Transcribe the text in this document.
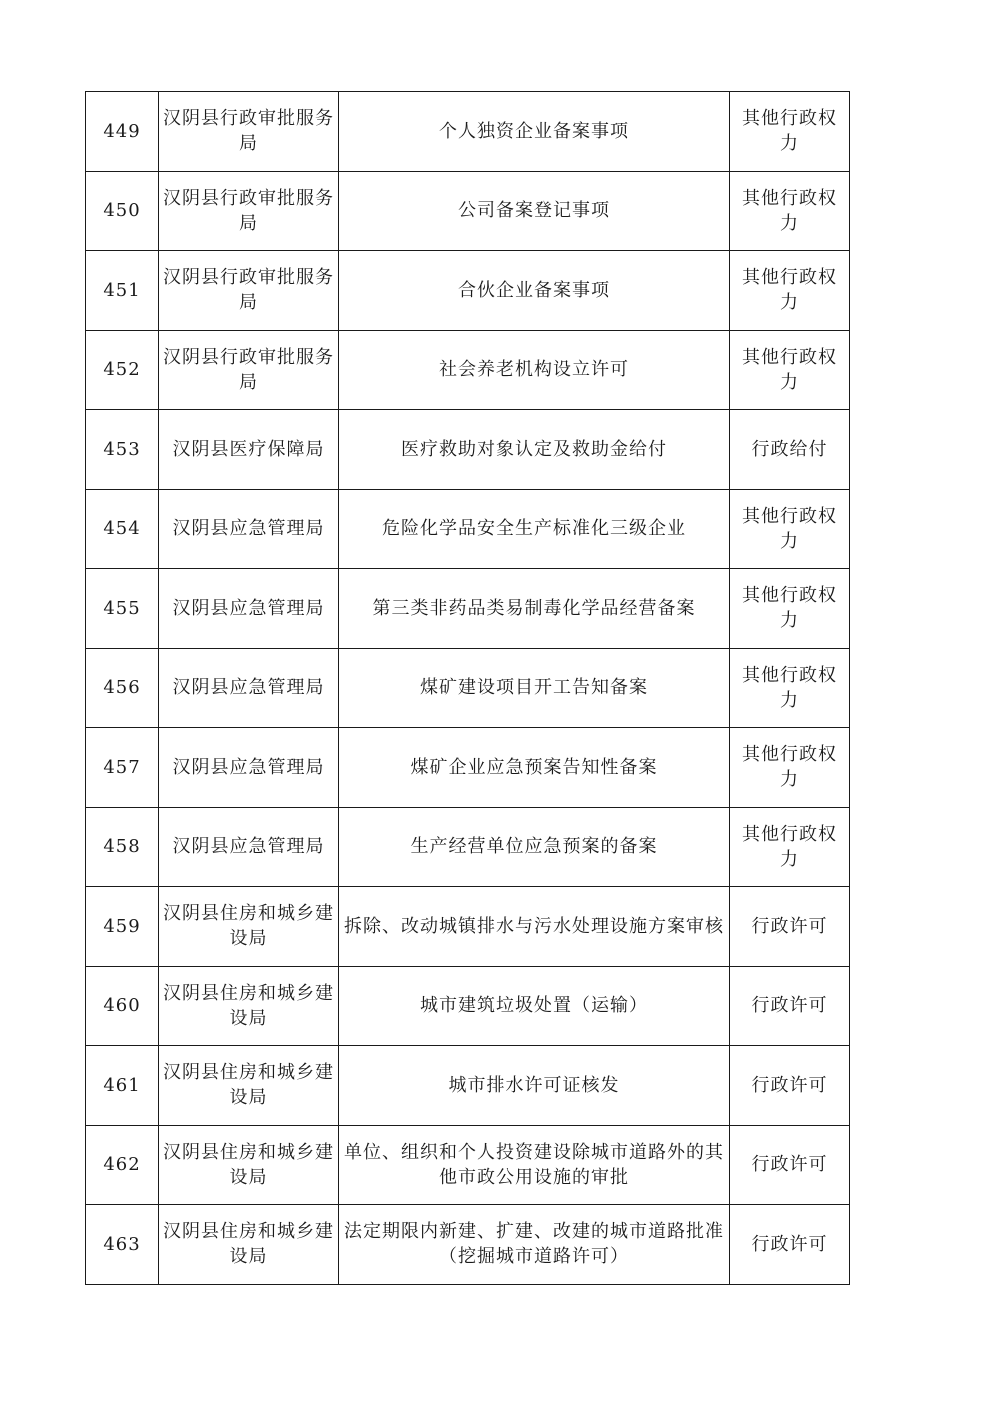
449	汉阴县行政审批服务局	个人独资企业备案事项	其他行政权力
450	汉阴县行政审批服务局	公司备案登记事项	其他行政权力
451	汉阴县行政审批服务局	合伙企业备案事项	其他行政权力
452	汉阴县行政审批服务局	社会养老机构设立许可	其他行政权力
453	汉阴县医疗保障局	医疗救助对象认定及救助金给付	行政给付
454	汉阴县应急管理局	危险化学品安全生产标准化三级企业	其他行政权力
455	汉阴县应急管理局	第三类非药品类易制毒化学品经营备案	其他行政权力
456	汉阴县应急管理局	煤矿建设项目开工告知备案	其他行政权力
457	汉阴县应急管理局	煤矿企业应急预案告知性备案	其他行政权力
458	汉阴县应急管理局	生产经营单位应急预案的备案	其他行政权力
459	汉阴县住房和城乡建设局	拆除、改动城镇排水与污水处理设施方案审核	行政许可
460	汉阴县住房和城乡建设局	城市建筑垃圾处置（运输）	行政许可
461	汉阴县住房和城乡建设局	城市排水许可证核发	行政许可
462	汉阴县住房和城乡建设局	单位、组织和个人投资建设除城市道路外的其他市政公用设施的审批	行政许可
463	汉阴县住房和城乡建设局	法定期限内新建、扩建、改建的城市道路批准（挖掘城市道路许可）	行政许可
